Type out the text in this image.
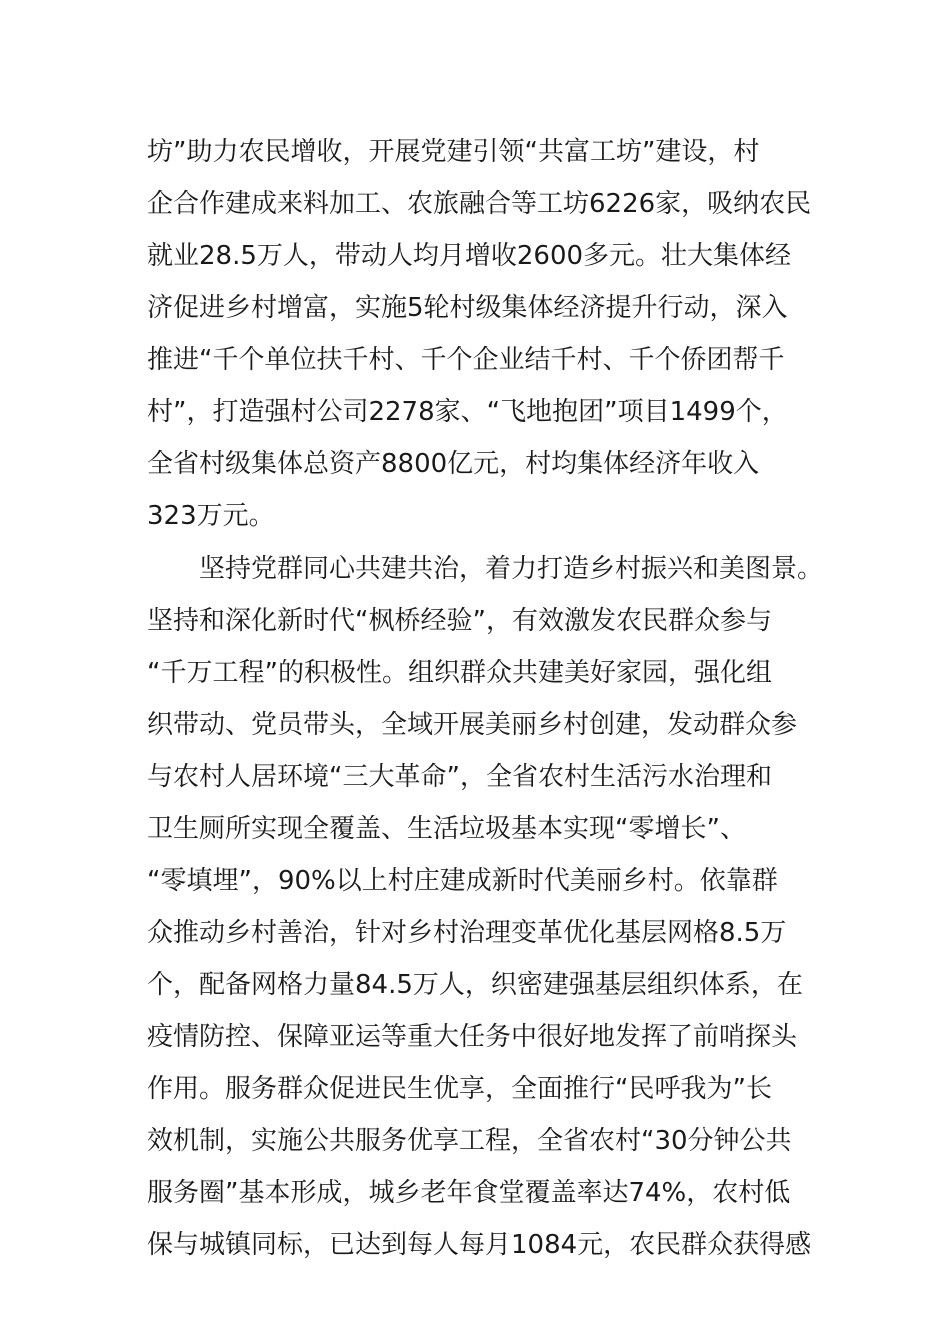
坊”助力农民增收，开展党建引领“共富工坊”建设，村
企合作建成来料加工、农旅融合等工坊6226家，吸纳农民
就业28.5万人，带动人均月增收2600多元。壮大集体经
济促进乡村增富，实施5轮村级集体经济提升行动，深入
推进“千个单位扶千村、千个企业结千村、千个侨团帮千
村”，打造强村公司2278家、“飞地抱团”项目1499个，
全省村级集体总资产8800亿元，村均集体经济年收入
323万元。
　　坚持党群同心共建共治，着力打造乡村振兴和美图景。
坚持和深化新时代“枫桥经验”，有效激发农民群众参与
“千万工程”的积极性。组织群众共建美好家园，强化组
织带动、党员带头，全域开展美丽乡村创建，发动群众参
与农村人居环境“三大革命”，全省农村生活污水治理和
卫生厕所实现全覆盖、生活垃圾基本实现“零增长”、
“零填埋”，90%以上村庄建成新时代美丽乡村。依靠群
众推动乡村善治，针对乡村治理变革优化基层网格8.5万
个，配备网格力量84.5万人，织密建强基层组织体系，在
疫情防控、保障亚运等重大任务中很好地发挥了前哨探头
作用。服务群众促进民生优享，全面推行“民呼我为”长
效机制，实施公共服务优享工程，全省农村“30分钟公共
服务圈”基本形成，城乡老年食堂覆盖率达74%，农村低
保与城镇同标，已达到每人每月1084元，农民群众获得感
